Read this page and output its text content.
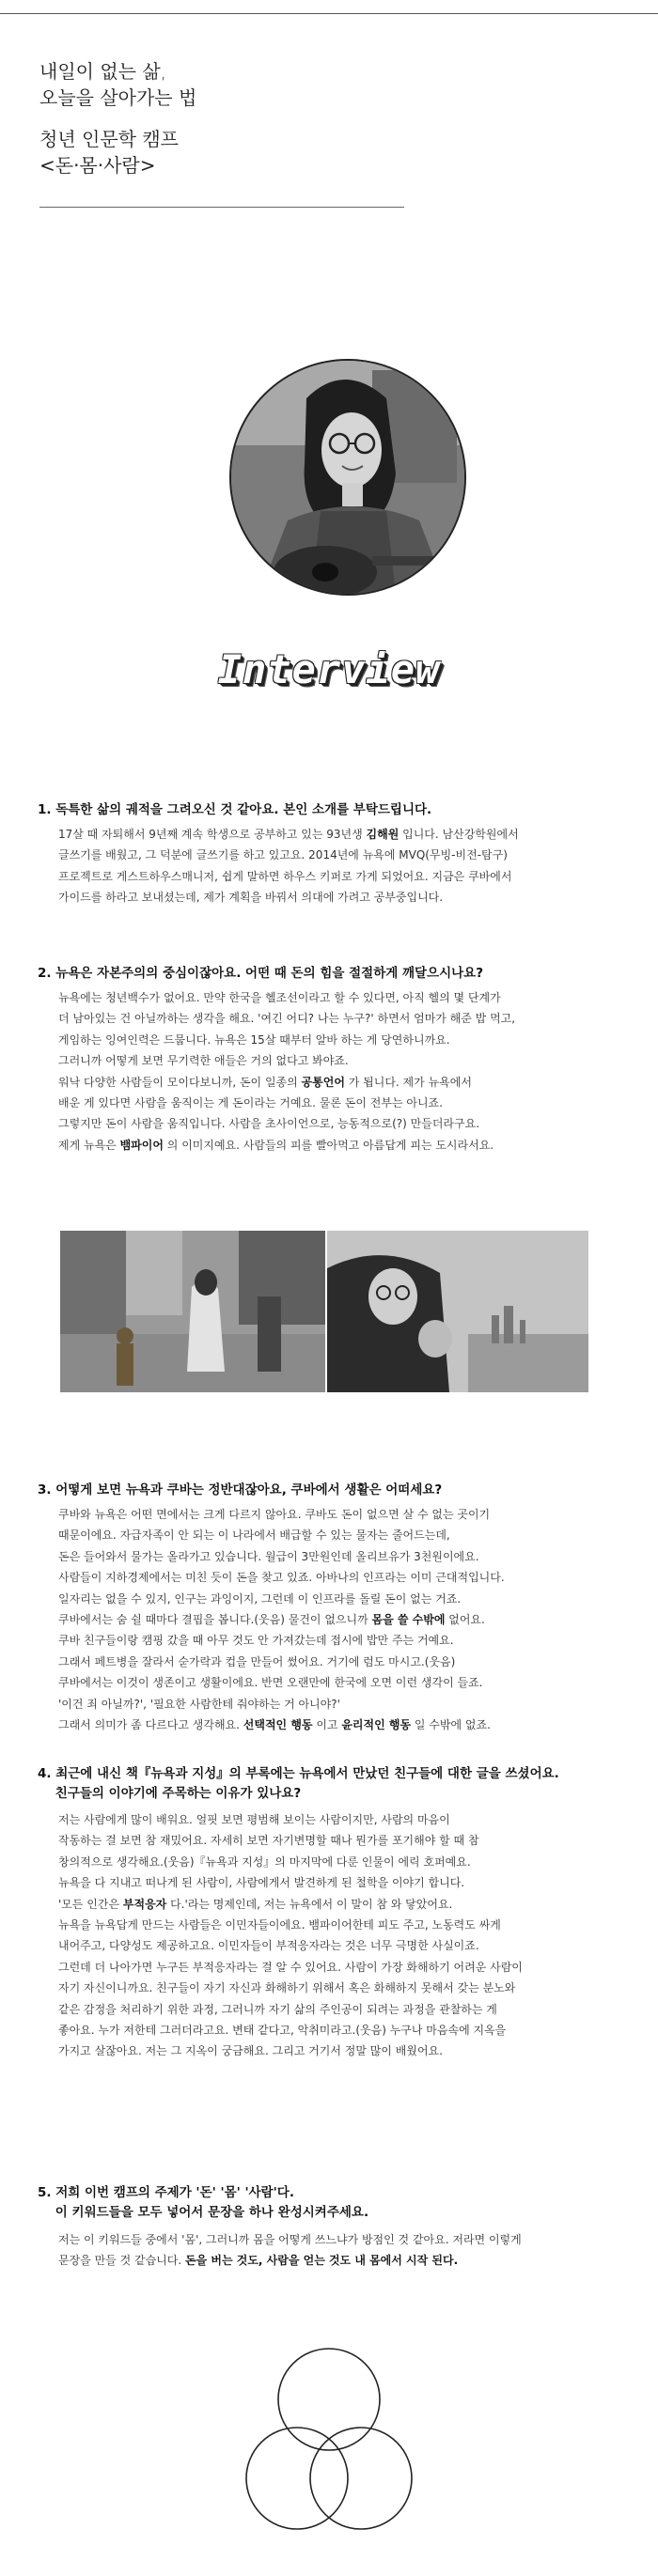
내일이 없는 삶,
오늘을 살아가는 법
청년 인문학 캠프
<돈·몸·사람>
Interview
1. 독특한 삶의 궤적을 그려오신 것 같아요. 본인 소개를 부탁드립니다.

17살 때 자퇴해서 9년째 계속 학생으로 공부하고 있는 93년생 김해원 입니다. 남산강학원에서

글쓰기를 배웠고, 그 덕분에 글쓰기를 하고 있고요. 2014년에 뉴욕에 MVQ(무빙-비전-탐구)

프로젝트로 게스트하우스매니저, 쉽게 말하면 하우스 키퍼로 가게 되었어요. 지금은 쿠바에서

가이드를 하라고 보내셨는데, 제가 계획을 바꿔서 의대에 가려고 공부중입니다.

2. 뉴욕은 자본주의의 중심이잖아요. 어떤 때 돈의 힘을 절절하게 깨달으시나요?

뉴욕에는 청년백수가 없어요. 만약 한국을 헬조선이라고 할 수 있다면, 아직 헬의 몇 단계가

더 남아있는 건 아닐까하는 생각을 해요. '여긴 어디? 나는 누구?' 하면서 엄마가 해준 밥 먹고,

게임하는 잉여인력은 드뭅니다. 뉴욕은 15살 때부터 알바 하는 게 당연하니까요.

그러니까 어떻게 보면 무기력한 애들은 거의 없다고 봐야죠.

워낙 다양한 사람들이 모이다보니까, 돈이 일종의 공통언어 가 됩니다. 제가 뉴욕에서

배운 게 있다면 사람을 움직이는 게 돈이라는 거예요. 물론 돈이 전부는 아니죠.

그렇지만 돈이 사람을 움직입니다. 사람을 초사이언으로, 능동적으로(?) 만들더라구요.

제게 뉴욕은 뱀파이어 의 이미지예요. 사람들의 피를 빨아먹고 아름답게 피는 도시라서요.

3. 어떻게 보면 뉴욕과 쿠바는 정반대잖아요, 쿠바에서 생활은 어떠세요?

쿠바와 뉴욕은 어떤 면에서는 크게 다르지 않아요. 쿠바도 돈이 없으면 살 수 없는 곳이기

때문이에요. 자급자족이 안 되는 이 나라에서 배급할 수 있는 물자는 줄어드는데,

돈은 들어와서 물가는 올라가고 있습니다. 월급이 3만원인데 올리브유가 3천원이에요.

사람들이 지하경제에서는 미친 듯이 돈을 찾고 있죠. 아바나의 인프라는 이미 근대적입니다.

일자리는 없을 수 있지, 인구는 과잉이지, 그런데 이 인프라를 돌릴 돈이 없는 거죠.

쿠바에서는 숨 쉴 때마다 결핍을 봅니다.(웃음) 물건이 없으니까 몸을 쓸 수밖에 없어요.

쿠바 친구들이랑 캠핑 갔을 때 아무 것도 안 가져갔는데 접시에 밥만 주는 거예요.

그래서 페트병을 잘라서 숟가락과 컵을 만들어 썼어요. 거기에 럼도 마시고.(웃음)

쿠바에서는 이것이 생존이고 생활이에요. 반면 오랜만에 한국에 오면 이런 생각이 들죠.

'이건 죄 아닐까?', '필요한 사람한테 줘야하는 거 아니야?'

그래서 의미가 좀 다르다고 생각해요. 선택적인 행동 이고 윤리적인 행동 일 수밖에 없죠.

4. 최근에 내신 책『뉴욕과 지성』의 부록에는 뉴욕에서 만났던 친구들에 대한 글을 쓰셨어요.
친구들의 이야기에 주목하는 이유가 있나요?

저는 사람에게 많이 배워요. 얼핏 보면 평범해 보이는 사람이지만, 사람의 마음이

작동하는 걸 보면 참 재밌어요. 자세히 보면 자기변명할 때나 뭔가를 포기해야 할 때 참

창의적으로 생각해요.(웃음)『뉴욕과 지성』의 마지막에 다룬 인물이 에릭 호퍼예요.

뉴욕을 다 지내고 떠나게 된 사람이, 사람에게서 발견하게 된 철학을 이야기 합니다.

'모든 인간은 부적응자 다.'라는 명제인데, 저는 뉴욕에서 이 말이 참 와 닿았어요.

뉴욕을 뉴욕답게 만드는 사람들은 이민자들이에요. 뱀파이어한테 피도 주고, 노동력도 싸게

내어주고, 다양성도 제공하고요. 이민자들이 부적응자라는 것은 너무 극명한 사실이죠.

그런데 더 나아가면 누구든 부적응자라는 걸 알 수 있어요. 사람이 가장 화해하기 어려운 사람이

자기 자신이니까요. 친구들이 자기 자신과 화해하기 위해서 혹은 화해하지 못해서 갖는 분노와

같은 감정을 처리하기 위한 과정, 그러니까 자기 삶의 주인공이 되려는 과정을 관찰하는 게

좋아요. 누가 저한테 그러더라고요. 변태 같다고, 악취미라고.(웃음) 누구나 마음속에 지옥을

가지고 살잖아요. 저는 그 지옥이 궁금해요. 그리고 거기서 정말 많이 배웠어요.

5. 저희 이번 캠프의 주제가 '돈' '몸' '사람'다.
이 키워드들을 모두 넣어서 문장을 하나 완성시켜주세요.

저는 이 키워드들 중에서 '몸', 그러니까 몸을 어떻게 쓰느냐가 방점인 것 같아요. 저라면 이렇게

문장을 만들 것 같습니다. 돈을 버는 것도, 사람을 얻는 것도 내 몸에서 시작 된다.
